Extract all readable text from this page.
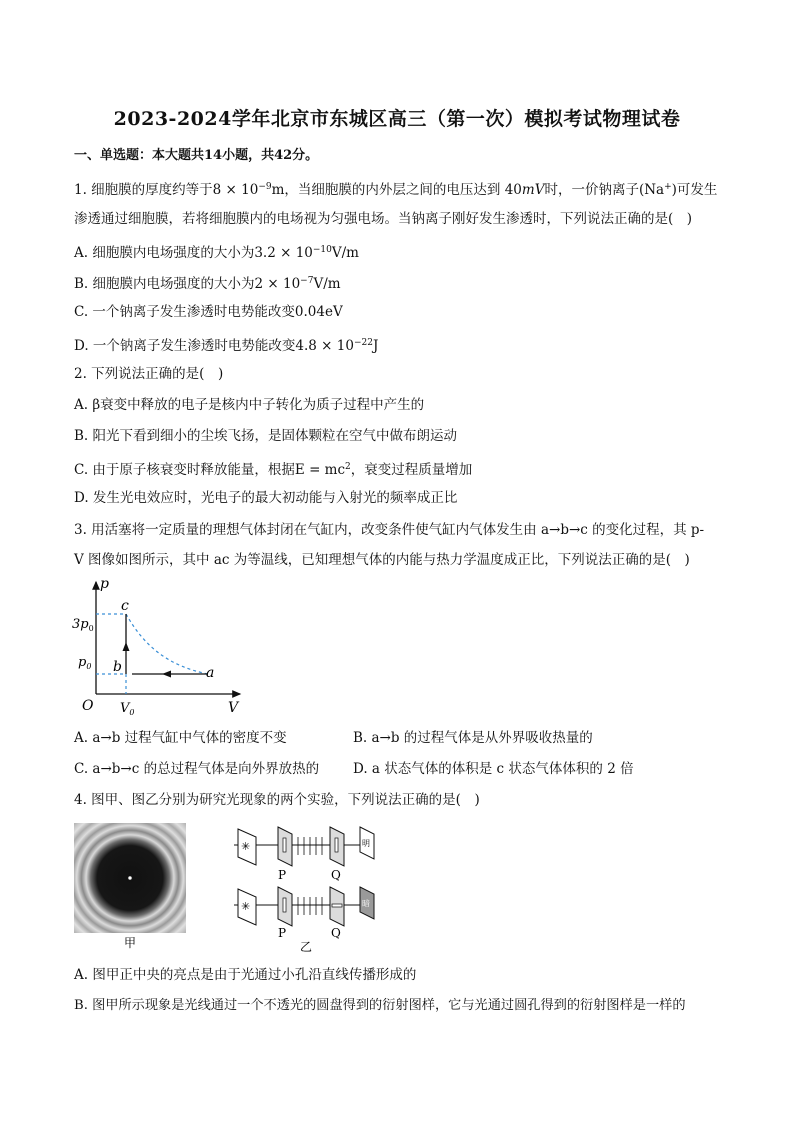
2023-2024学年北京市东城区高三（第一次）模拟考试物理试卷
一、单选题：本大题共14小题，共42分。
1. 细胞膜的厚度约等于$8 \times 10^{-9}m$，当细胞膜的内外层之间的电压达到 40mV时，一价钠离子(Na+)可发生
渗透通过细胞膜，若将细胞膜内的电场视为匀强电场。当钠离子刚好发生渗透时，下列说法正确的是(　)
A. 细胞膜内电场强度的大小为$3.2 \times 10^{-10}V/m$
B. 细胞膜内电场强度的大小为$2 \times 10^{-7}V/m$
C. 一个钠离子发生渗透时电势能改变0.04eV
D. 一个钠离子发生渗透时电势能改变$4.8 \times 10^{-22}J$
2. 下列说法正确的是(　)
A. β衰变中释放的电子是核内中子转化为质子过程中产生的
B. 阳光下看到细小的尘埃飞扬，是固体颗粒在空气中做布朗运动
C. 由于原子核衰变时释放能量，根据$E = mc^2$，衰变过程质量增加
D. 发生光电效应时，光电子的最大初动能与入射光的频率成正比
3. 用活塞将一定质量的理想气体封闭在气缸内，改变条件使气缸内气体发生由 a→b→c 的变化过程，其 p-
V 图像如图所示，其中 ac 为等温线，已知理想气体的内能与热力学温度成正比，下列说法正确的是(　)
p
V
O
$3p_0$
$p_0$
$V_0$
a
b
c
A. a→b 过程气缸中气体的密度不变	B. a→b 的过程气体是从外界吸收热量的
C. a→b→c 的总过程气体是向外界放热的	D. a 状态气体的体积是 c 状态气体体积的 2 倍
4. 图甲、图乙分别为研究光现象的两个实验，下列说法正确的是(　)
甲
✳	明
P	Q
✳	暗
P	Q
乙
A. 图甲正中央的亮点是由于光通过小孔沿直线传播形成的
B. 图甲所示现象是光线通过一个不透光的圆盘得到的衍射图样，它与光通过圆孔得到的衍射图样是一样的
